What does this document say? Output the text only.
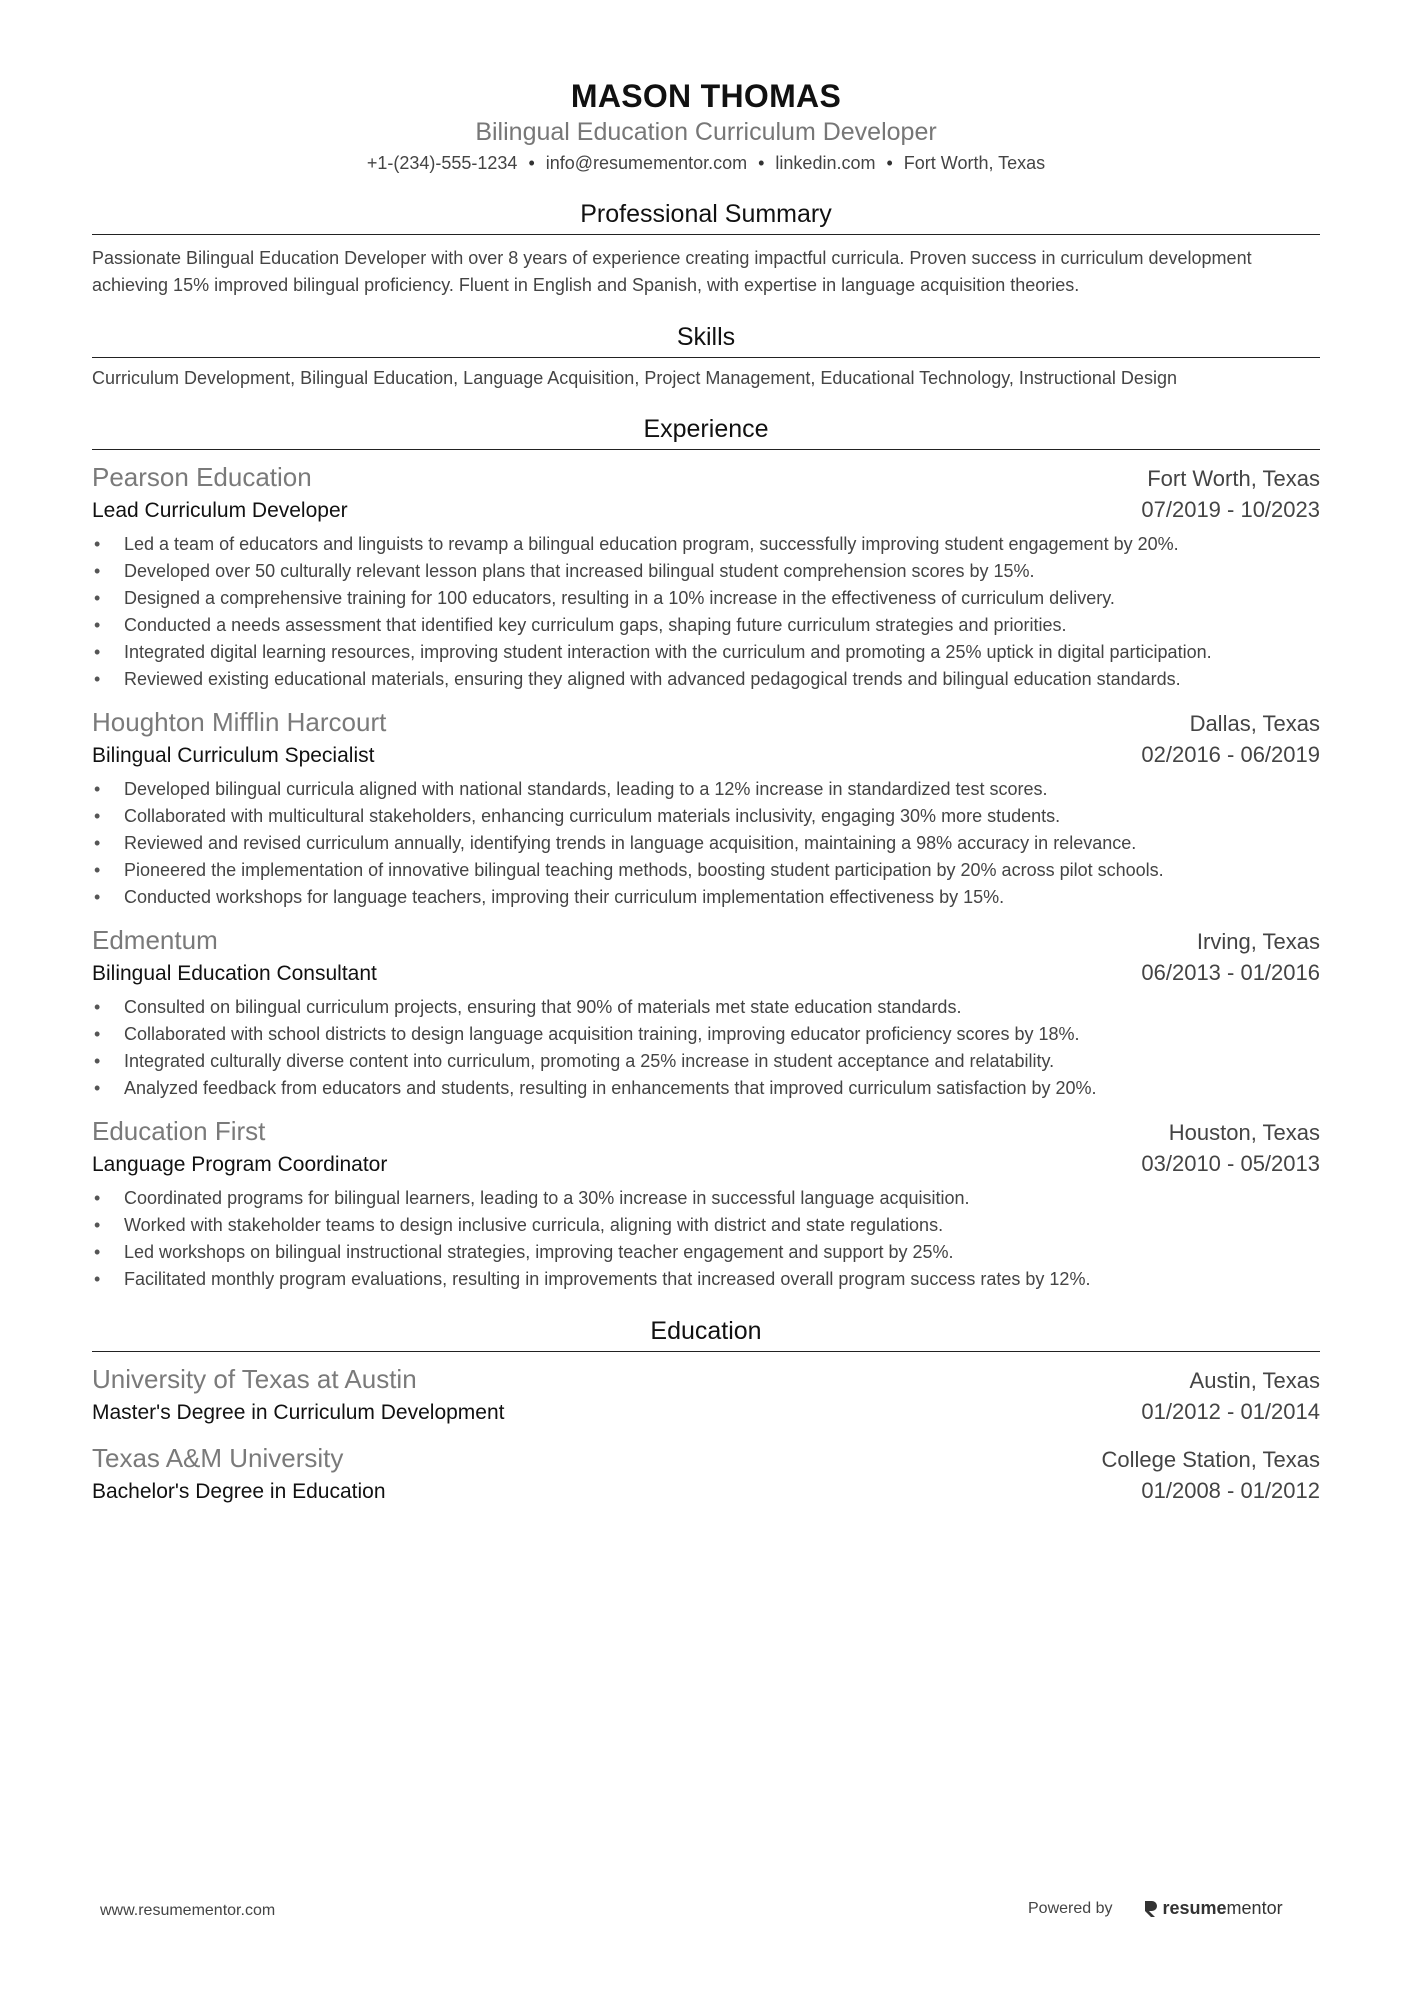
MASON THOMAS
Bilingual Education Curriculum Developer
+1-(234)-555-1234 • info@resumementor.com • linkedin.com • Fort Worth, Texas
Professional Summary
Passionate Bilingual Education Developer with over 8 years of experience creating impactful curricula. Proven success in curriculum development achieving 15% improved bilingual proficiency. Fluent in English and Spanish, with expertise in language acquisition theories.
Skills
Curriculum Development, Bilingual Education, Language Acquisition, Project Management, Educational Technology, Instructional Design
Experience
Pearson Education	Fort Worth, Texas
Lead Curriculum Developer	07/2019 - 10/2023
• Led a team of educators and linguists to revamp a bilingual education program, successfully improving student engagement by 20%.
• Developed over 50 culturally relevant lesson plans that increased bilingual student comprehension scores by 15%.
• Designed a comprehensive training for 100 educators, resulting in a 10% increase in the effectiveness of curriculum delivery.
• Conducted a needs assessment that identified key curriculum gaps, shaping future curriculum strategies and priorities.
• Integrated digital learning resources, improving student interaction with the curriculum and promoting a 25% uptick in digital participation.
• Reviewed existing educational materials, ensuring they aligned with advanced pedagogical trends and bilingual education standards.
Houghton Mifflin Harcourt	Dallas, Texas
Bilingual Curriculum Specialist	02/2016 - 06/2019
• Developed bilingual curricula aligned with national standards, leading to a 12% increase in standardized test scores.
• Collaborated with multicultural stakeholders, enhancing curriculum materials inclusivity, engaging 30% more students.
• Reviewed and revised curriculum annually, identifying trends in language acquisition, maintaining a 98% accuracy in relevance.
• Pioneered the implementation of innovative bilingual teaching methods, boosting student participation by 20% across pilot schools.
• Conducted workshops for language teachers, improving their curriculum implementation effectiveness by 15%.
Edmentum	Irving, Texas
Bilingual Education Consultant	06/2013 - 01/2016
• Consulted on bilingual curriculum projects, ensuring that 90% of materials met state education standards.
• Collaborated with school districts to design language acquisition training, improving educator proficiency scores by 18%.
• Integrated culturally diverse content into curriculum, promoting a 25% increase in student acceptance and relatability.
• Analyzed feedback from educators and students, resulting in enhancements that improved curriculum satisfaction by 20%.
Education First	Houston, Texas
Language Program Coordinator	03/2010 - 05/2013
• Coordinated programs for bilingual learners, leading to a 30% increase in successful language acquisition.
• Worked with stakeholder teams to design inclusive curricula, aligning with district and state regulations.
• Led workshops on bilingual instructional strategies, improving teacher engagement and support by 25%.
• Facilitated monthly program evaluations, resulting in improvements that increased overall program success rates by 12%.
Education
University of Texas at Austin	Austin, Texas
Master's Degree in Curriculum Development	01/2012 - 01/2014
Texas A&M University	College Station, Texas
Bachelor's Degree in Education	01/2008 - 01/2012
www.resumementor.com	Powered by	resume mentor
